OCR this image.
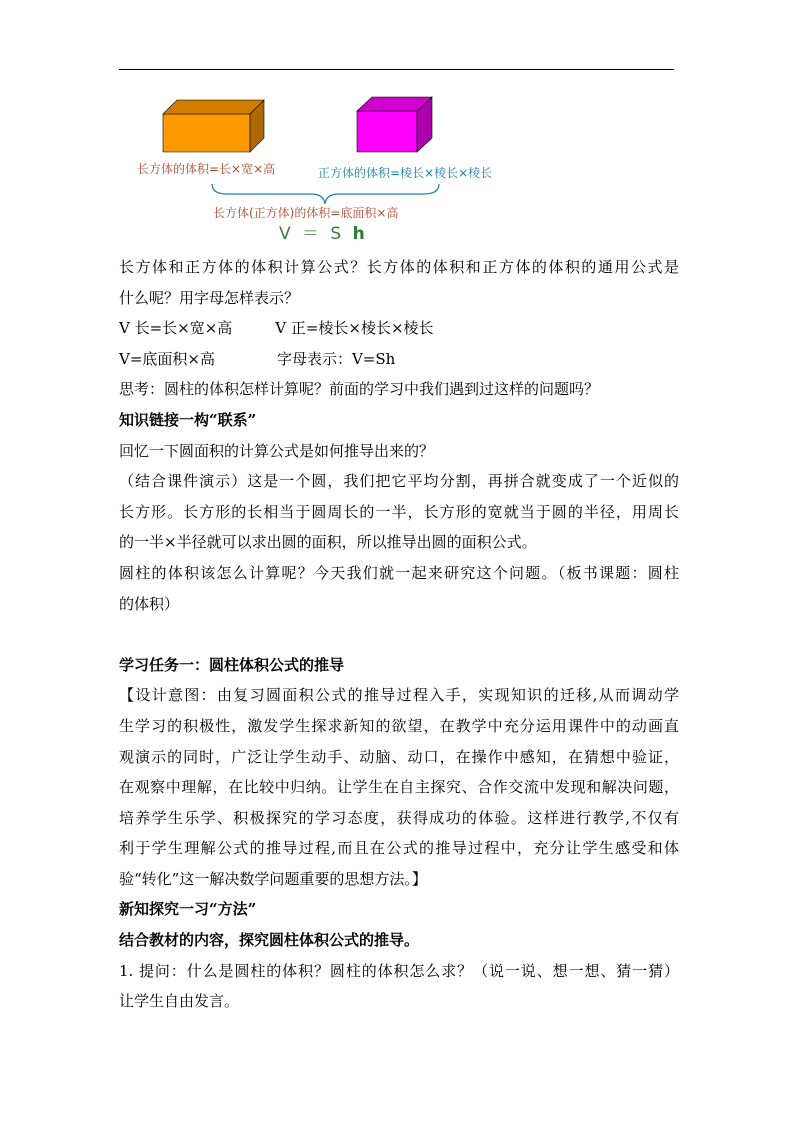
长方体的体积=长×宽×高	正方体的体积=棱长×棱长×棱长
长方体(正方体)的体积=底面积×高
V ＝ S h

长方体和正方体的体积计算公式？长方体的体积和正方体的体积的通用公式是

什么呢？用字母怎样表示？

V 长=长×宽×高         V 正=棱长×棱长×棱长

V=底面积×高             字母表示：V=Sh

思考：圆柱的体积怎样计算呢？前面的学习中我们遇到过这样的问题吗？

知识链接一构“联系”

回忆一下圆面积的计算公式是如何推导出来的？

（结合课件演示）这是一个圆，我们把它平均分割，再拼合就变成了一个近似的

长方形。长方形的长相当于圆周长的一半，长方形的宽就当于圆的半径，用周长

的一半×半径就可以求出圆的面积，所以推导出圆的面积公式。

圆柱的体积该怎么计算呢？今天我们就一起来研究这个问题。（板书课题：圆柱

的体积）

学习任务一：圆柱体积公式的推导

【设计意图：由复习圆面积公式的推导过程入手，实现知识的迁移,从而调动学

生学习的积极性，激发学生探求新知的欲望，在教学中充分运用课件中的动画直

观演示的同时，广泛让学生动手、动脑、动口，在操作中感知，在猜想中验证，

在观察中理解，在比较中归纳。让学生在自主探究、合作交流中发现和解决问题，

培养学生乐学、积极探究的学习态度，获得成功的体验。这样进行教学,不仅有

利于学生理解公式的推导过程,而且在公式的推导过程中，充分让学生感受和体

验“转化”这一解决数学问题重要的思想方法。】

新知探究一习“方法”

结合教材的内容，探究圆柱体积公式的推导。

1. 提问：什么是圆柱的体积？圆柱的体积怎么求？（说一说、想一想、猜一猜）

让学生自由发言。
